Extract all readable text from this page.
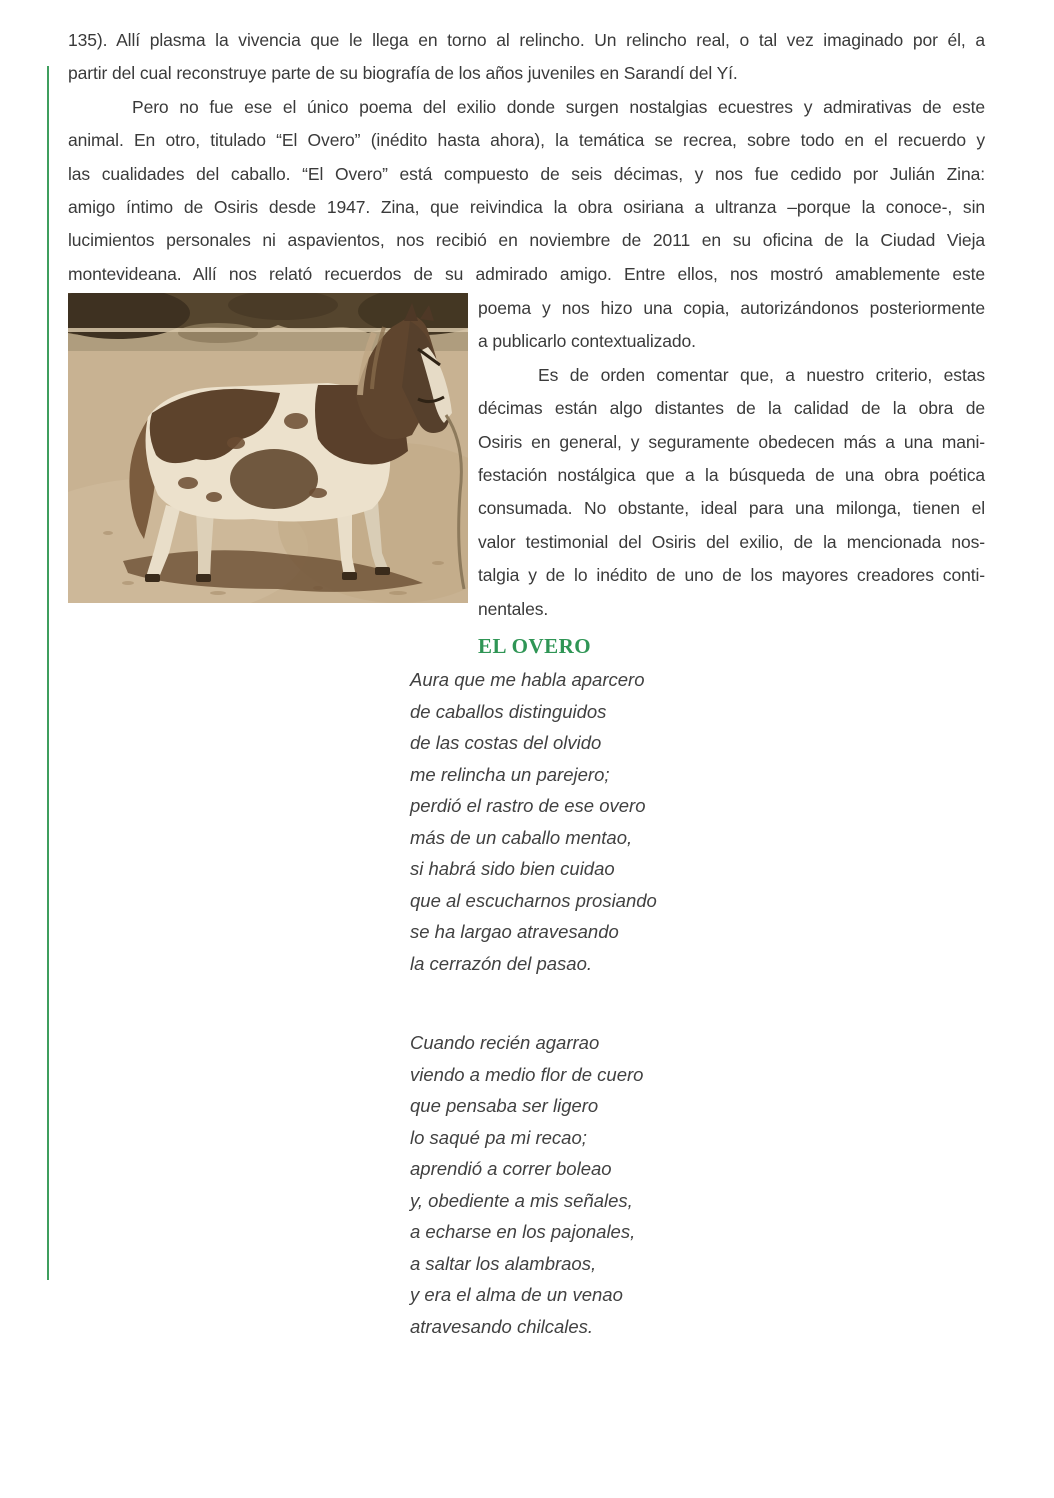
135). Allí plasma la vivencia que le llega en torno al relincho. Un relincho real, o tal vez imaginado por él, a
partir del cual reconstruye parte de su biografía de los años juveniles en Sarandí del Yí.
Pero no fue ese el único poema del exilio donde surgen nostalgias ecuestres y admirativas de este
animal. En otro, titulado “El Overo” (inédito hasta ahora), la temática se recrea, sobre todo en el recuerdo y
las cualidades del caballo. “El Overo” está compuesto de seis décimas, y nos fue cedido por Julián Zina:
amigo íntimo de Osiris desde 1947. Zina, que reivindica la obra osiriana a ultranza –porque la conoce-, sin
lucimientos personales ni aspavientos, nos recibió en noviembre de 2011 en su oficina de la Ciudad Vieja
montevideana. Allí nos relató recuerdos de su admirado amigo. Entre ellos, nos mostró amablemente este
poema y nos hizo una copia, autorizándonos posteriormente
a publicarlo contextualizado.
Es de orden comentar que, a nuestro criterio, estas
décimas están algo distantes de la calidad de la obra de
Osiris en general, y seguramente obedecen más a una mani-
festación nostálgica que a la búsqueda de una obra poética
consumada. No obstante, ideal para una milonga, tienen el
valor testimonial del Osiris del exilio, de la mencionada nos-
talgia y de lo inédito de uno de los mayores creadores conti-
nentales.
EL OVERO
Aura que me habla aparcero
de caballos distinguidos
de las costas del olvido
me relincha un parejero;
perdió el rastro de ese overo
más de un caballo mentao,
si habrá sido bien cuidao
que al escucharnos prosiando
se ha largao atravesando
la cerrazón del pasao.
Cuando recién agarrao
viendo a medio flor de cuero
que pensaba ser ligero
lo saqué pa mi recao;
aprendió a correr boleao
y, obediente a mis señales,
a echarse en los pajonales,
a saltar los alambraos,
y era el alma de un venao
atravesando chilcales.
